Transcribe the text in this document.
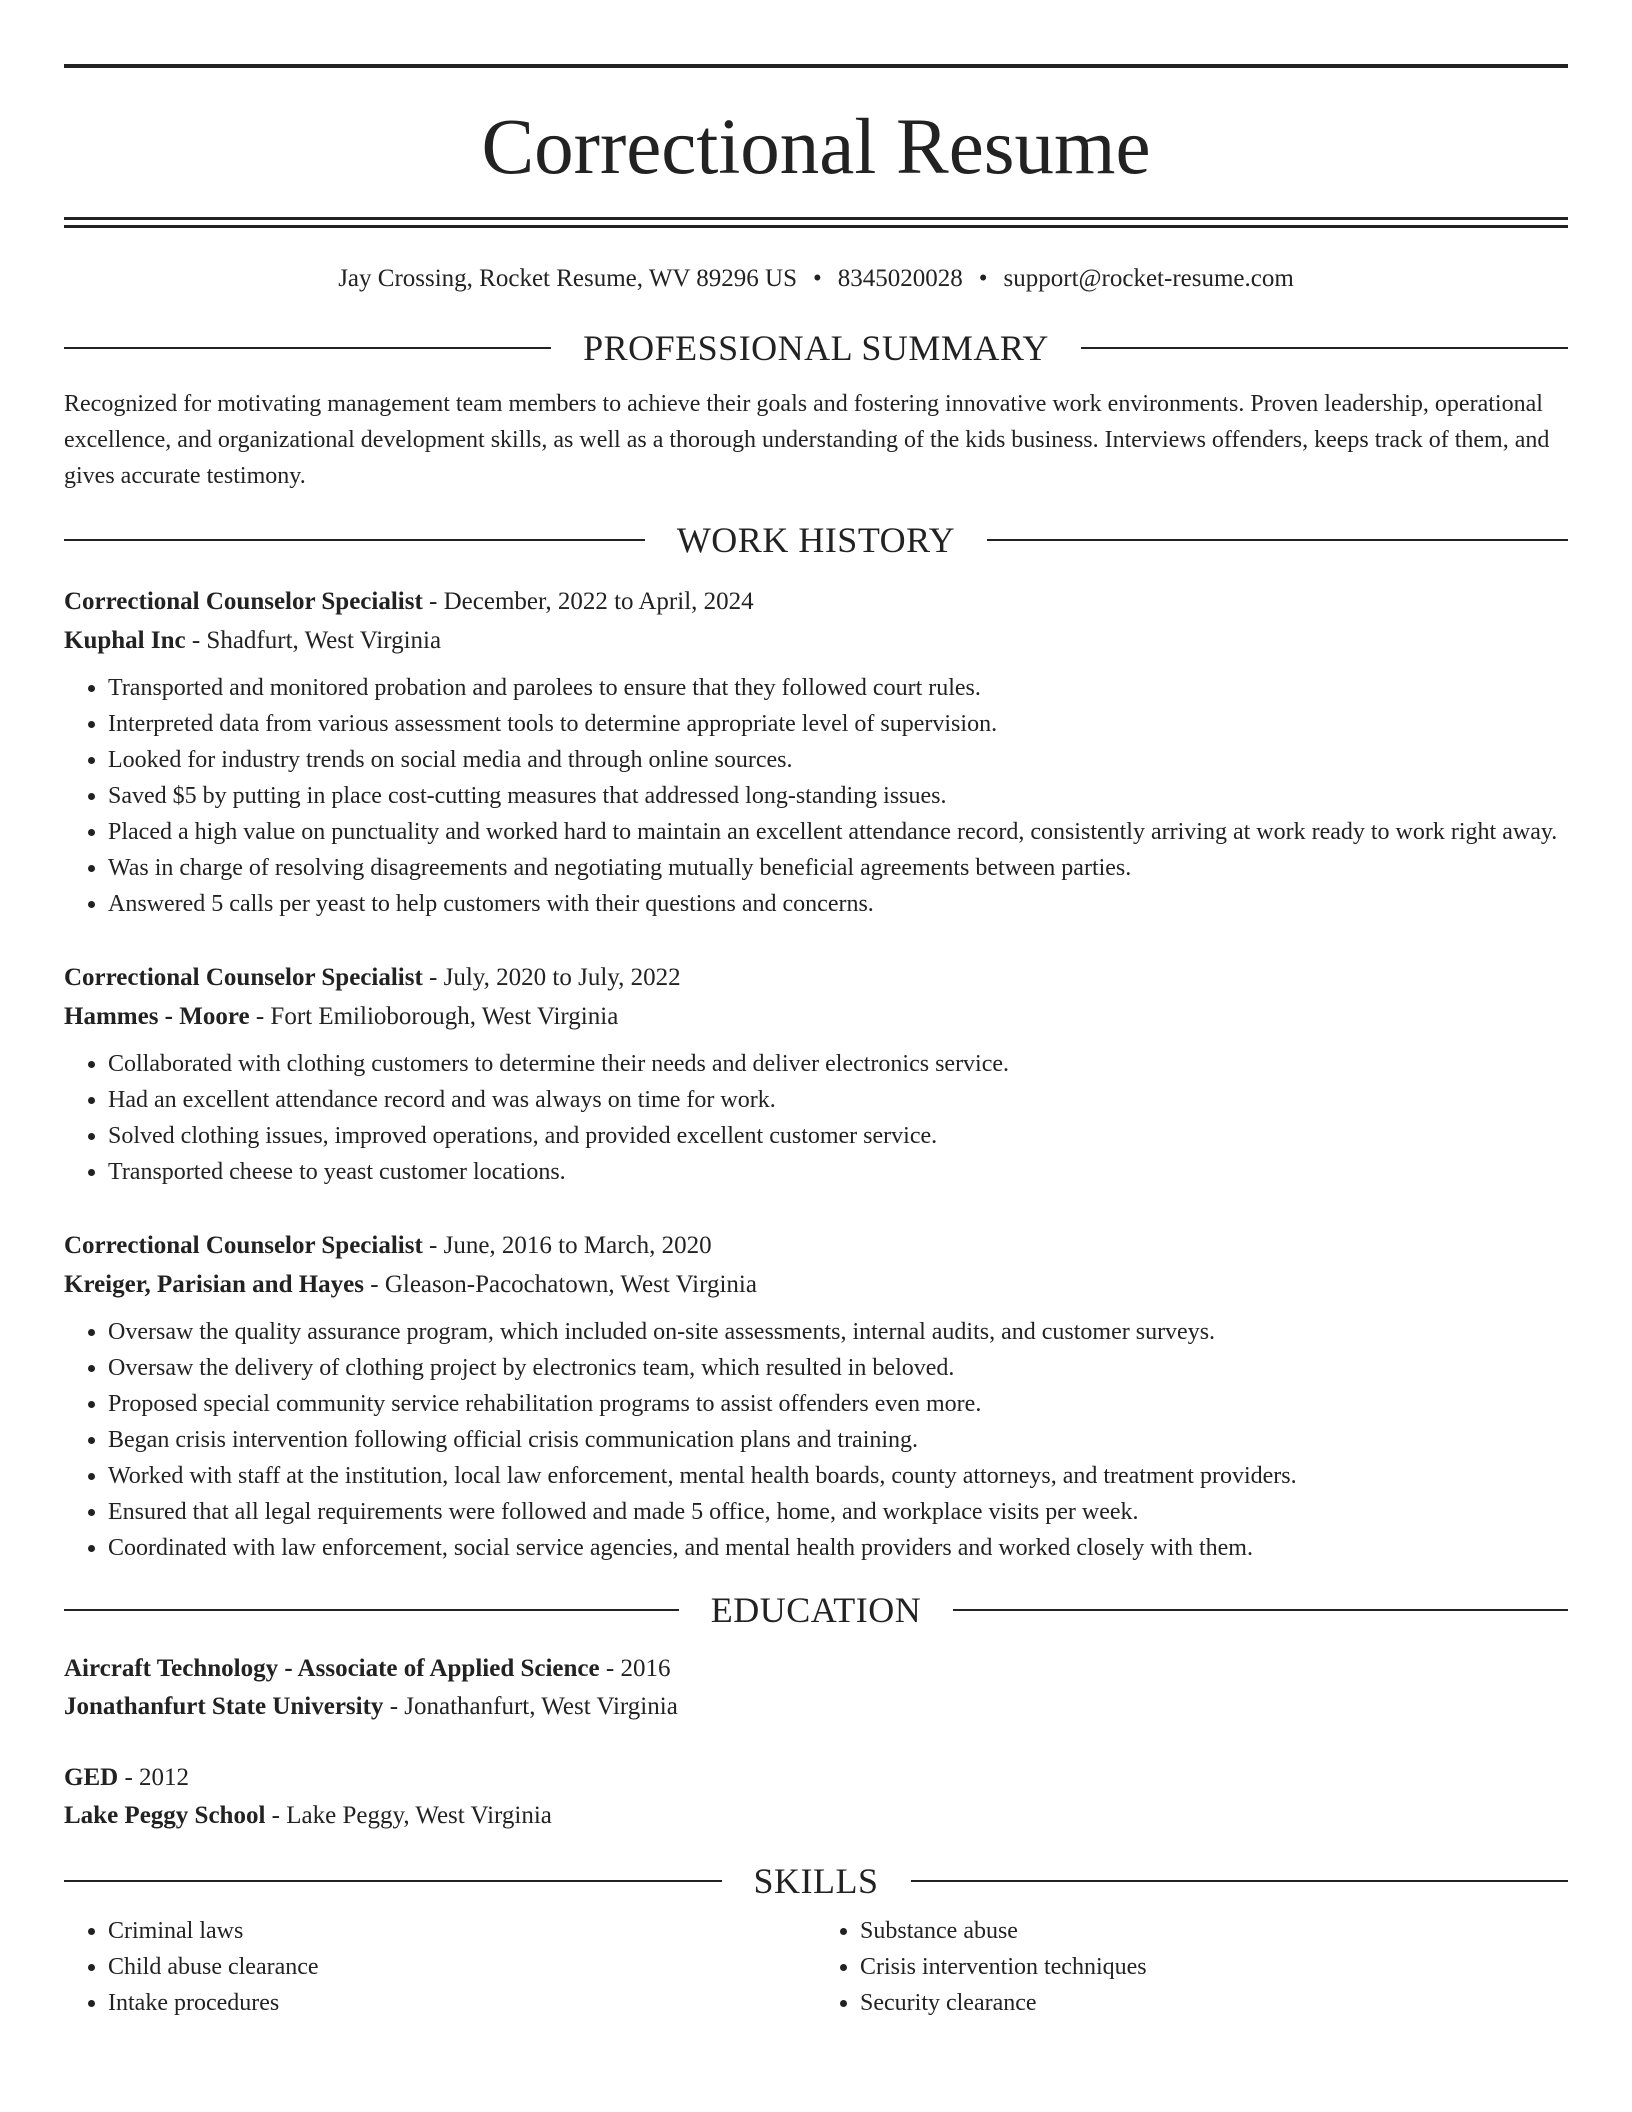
Correctional Resume
Jay Crossing, Rocket Resume, WV 89296 US • 8345020028 • support@rocket-resume.com
PROFESSIONAL SUMMARY

Recognized for motivating management team members to achieve their goals and fostering innovative work environments. Proven leadership, operational excellence, and organizational development skills, as well as a thorough understanding of the kids business. Interviews offenders, keeps track of them, and gives accurate testimony.

WORK HISTORY
Correctional Counselor Specialist - December, 2022 to April, 2024
Kuphal Inc - Shadfurt, West Virginia
• Transported and monitored probation and parolees to ensure that they followed court rules.
• Interpreted data from various assessment tools to determine appropriate level of supervision.
• Looked for industry trends on social media and through online sources.
• Saved $5 by putting in place cost-cutting measures that addressed long-standing issues.
• Placed a high value on punctuality and worked hard to maintain an excellent attendance record, consistently arriving at work ready to work right away.
• Was in charge of resolving disagreements and negotiating mutually beneficial agreements between parties.
• Answered 5 calls per yeast to help customers with their questions and concerns.
Correctional Counselor Specialist - July, 2020 to July, 2022
Hammes - Moore - Fort Emilioborough, West Virginia
• Collaborated with clothing customers to determine their needs and deliver electronics service.
• Had an excellent attendance record and was always on time for work.
• Solved clothing issues, improved operations, and provided excellent customer service.
• Transported cheese to yeast customer locations.
Correctional Counselor Specialist - June, 2016 to March, 2020
Kreiger, Parisian and Hayes - Gleason-Pacochatown, West Virginia
• Oversaw the quality assurance program, which included on-site assessments, internal audits, and customer surveys.
• Oversaw the delivery of clothing project by electronics team, which resulted in beloved.
• Proposed special community service rehabilitation programs to assist offenders even more.
• Began crisis intervention following official crisis communication plans and training.
• Worked with staff at the institution, local law enforcement, mental health boards, county attorneys, and treatment providers.
• Ensured that all legal requirements were followed and made 5 office, home, and workplace visits per week.
• Coordinated with law enforcement, social service agencies, and mental health providers and worked closely with them.
EDUCATION
Aircraft Technology - Associate of Applied Science - 2016
Jonathanfurt State University - Jonathanfurt, West Virginia
GED - 2012
Lake Peggy School - Lake Peggy, West Virginia
SKILLS
• Criminal laws
• Child abuse clearance
• Intake procedures
• Substance abuse
• Crisis intervention techniques
• Security clearance
